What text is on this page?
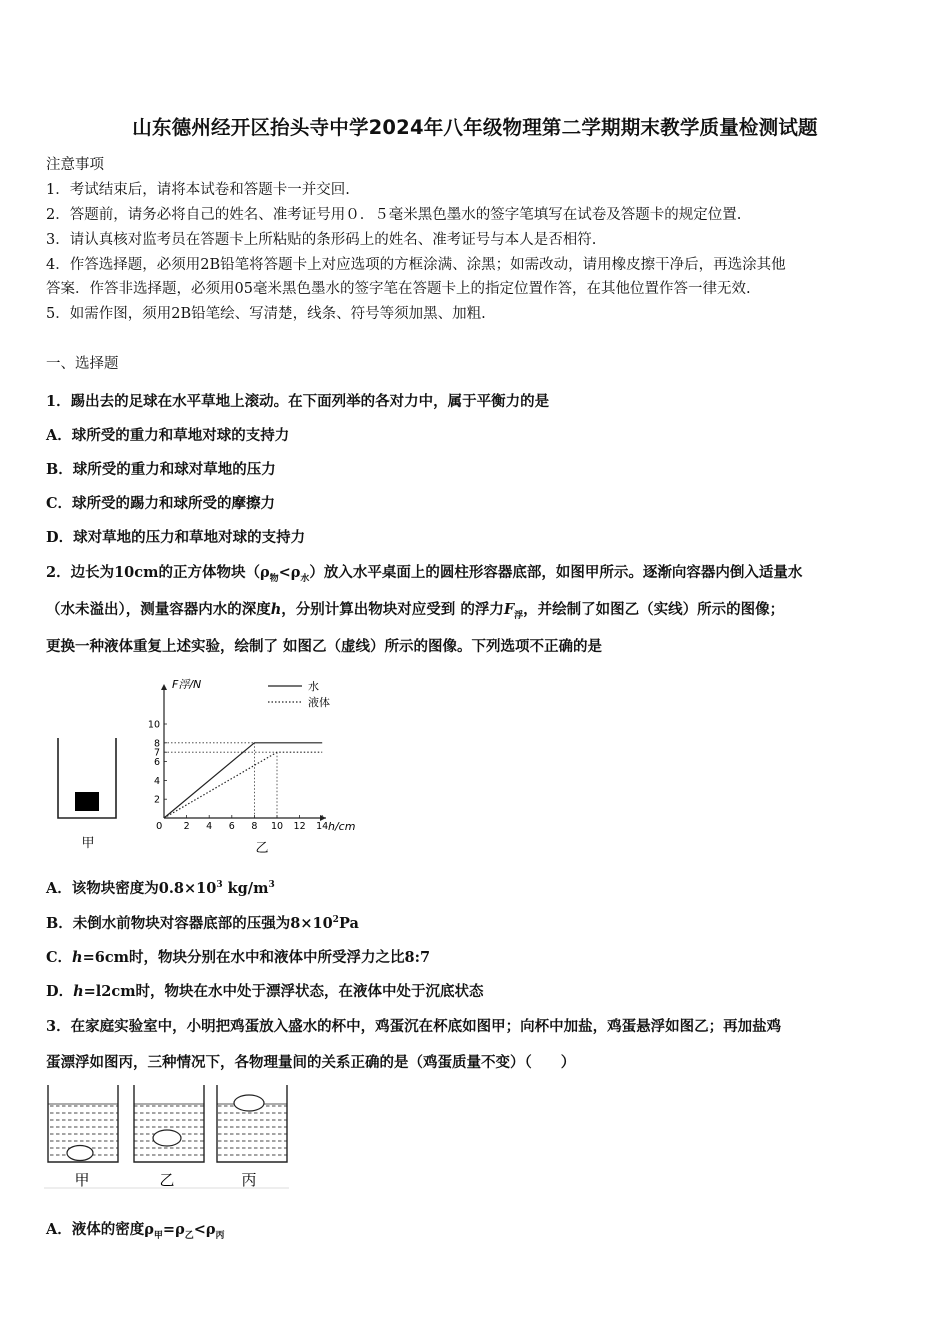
山东德州经开区抬头寺中学2024年八年级物理第二学期期末教学质量检测试题
注意事项
1．考试结束后，请将本试卷和答题卡一并交回.
2．答题前，请务必将自己的姓名、准考证号用０．５毫米黑色墨水的签字笔填写在试卷及答题卡的规定位置.
3．请认真核对监考员在答题卡上所粘贴的条形码上的姓名、准考证号与本人是否相符.
4．作答选择题，必须用2B铅笔将答题卡上对应选项的方框涂满、涂黑；如需改动，请用橡皮擦干净后，再选涂其他
答案．作答非选择题，必须用05毫米黑色墨水的签字笔在答题卡上的指定位置作答，在其他位置作答一律无效.
5．如需作图，须用2B铅笔绘、写清楚，线条、符号等须加黑、加粗.
一、选择题
1．踢出去的足球在水平草地上滚动。在下面列举的各对力中，属于平衡力的是
A．球所受的重力和草地对球的支持力
B．球所受的重力和球对草地的压力
C．球所受的踢力和球所受的摩擦力
D．球对草地的压力和草地对球的支持力
2．边长为10cm的正方体物块$(\rho_物<\rho_水)$放入水平桌面上的圆柱形容器底部，如图甲所示。逐渐向容器内倒入适量水
（水未溢出），测量容器内水的深度h，分别计算出物块对应受到 的浮力$F_浮$，并绘制了如图乙（实线）所示的图像；
更换一种液体重复上述实验，绘制了 如图乙（虚线）所示的图像。下列选项不正确的是
甲
2 4 6 8 10 12 14
2
4
6
7
8
10
F浮/N
h/cm
0
水
液体
乙
A．该物块密度为$0.8\times 10^3$ $kg/m^3$
B．未倒水前物块对容器底部的压强为$8\times 10^2Pa$
C．h=6cm时，物块分别在水中和液体中所受浮力之比8:7
D．h=l2cm时，物块在水中处于漂浮状态，在液体中处于沉底状态
3．在家庭实验室中，小明把鸡蛋放入盛水的杯中，鸡蛋沉在杯底如图甲；向杯中加盐，鸡蛋悬浮如图乙；再加盐鸡
蛋漂浮如图丙，三种情况下，各物理量间的关系正确的是（鸡蛋质量不变）（　　）
甲	乙	丙
A．液体的密度$\rho_甲=\rho_乙<\rho_丙$
